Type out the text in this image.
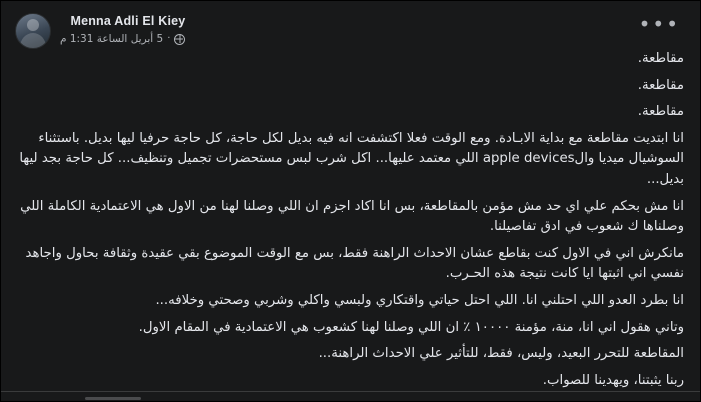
Menna Adli El Kiey
5 أبريل الساعة 1:31 م ·
•••

مقاطعة.

مقاطعة.

مقاطعة.

انا ابتديت مقاطعة مع بداية الابـادة. ومع الوقت فعلا اكتشفت انه فيه بديل لكل حاجة، كل حاجة حرفيا ليها بديل. باستثناء السوشيال ميديا وال‌apple devices اللي معتمد عليها... اكل شرب لبس مستحضرات تجميل وتنظيف... كل حاجة بجد ليها بديل...

انا مش بحكم علي اي حد مش مؤمن بالمقاطعة، بس انا اكاد اجزم ان اللي وصلنا لهنا من الاول هي الاعتمادية الكاملة اللي وصلناها ك شعوب في ادق تفاصيلنا.

مانكرش اني في الاول كنت بقاطع عشان الاحداث الراهنة فقط، بس مع الوقت الموضوع بقي عقيدة وثقافة بحاول واجاهد نفسي اني اثبتها ايا كانت نتيجة هذه الحـرب.

انا بطرد العدو اللي احتلني انا. اللي احتل حياتي واقتكاري ولبسي واكلي وشربي وصحتي وخلافه...

وتاني هقول اني انا، منة، مؤمنة ١٠٠٠٠ ٪ ان اللي وصلنا لهنا كشعوب هي الاعتمادية في المقام الاول.

المقاطعة للتحرر البعيد، وليس، فقط، للتأثير علي الاحداث الراهنة...

ربنا يثبتنا، ويهدينا للصواب.
